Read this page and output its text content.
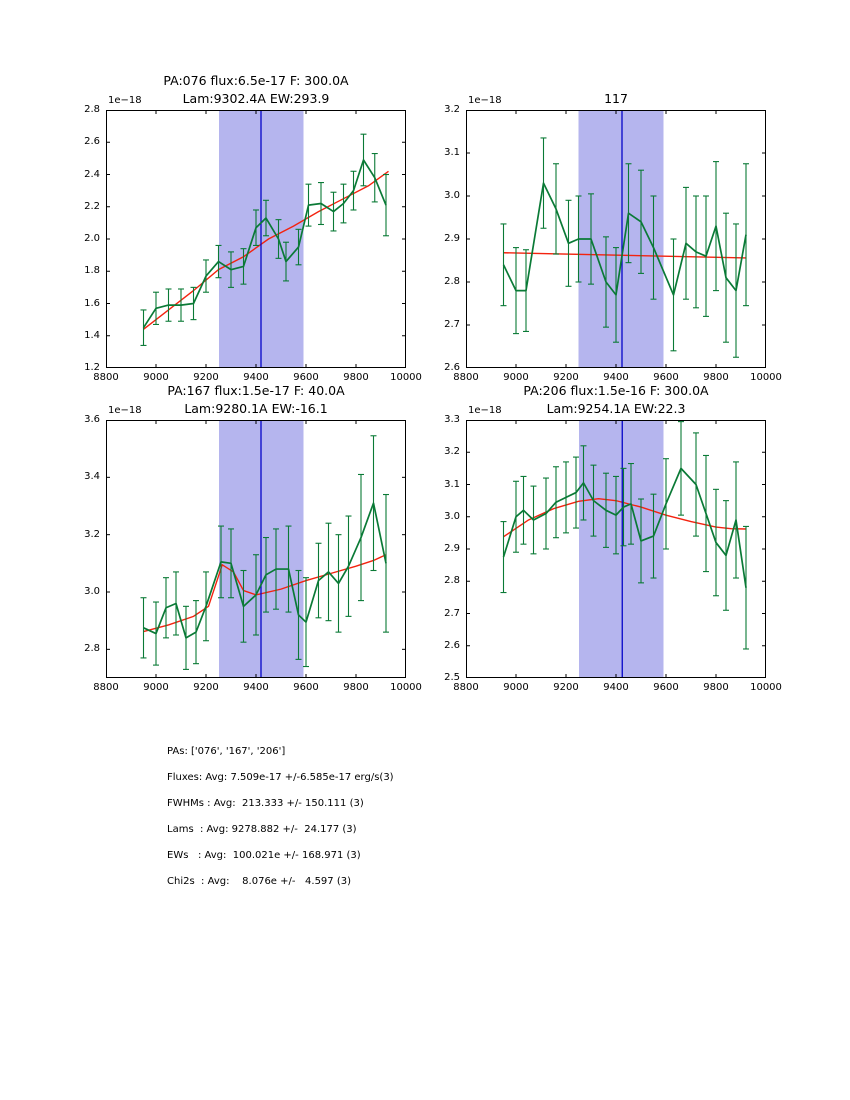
PA:076 flux:6.5e-17 F: 300.0A
Lam:9302.4A EW:293.9
1e−18
8800	9000	9200	9400	9600	9800	10000
1.2
1.4
1.6
1.8
2.0
2.2
2.4
2.6
2.8
117
1e−18
8800	9000	9200	9400	9600	9800	10000
2.6
2.7
2.8
2.9
3.0
3.1
3.2
PA:167 flux:1.5e-17 F: 40.0A
Lam:9280.1A EW:-16.1
1e−18
8800	9000	9200	9400	9600	9800	10000
2.8
3.0
3.2
3.4
3.6
PA:206 flux:1.5e-16 F: 300.0A
Lam:9254.1A EW:22.3
1e−18
8800	9000	9200	9400	9600	9800	10000
2.5
2.6
2.7
2.8
2.9
3.0
3.1
3.2
3.3
PAs: ['076', '167', '206']
Fluxes: Avg: 7.509e-17 +/-6.585e-17 erg/s(3)
FWHMs : Avg:  213.333 +/- 150.111 (3)
Lams  : Avg: 9278.882 +/-  24.177 (3)
EWs   : Avg:  100.021e +/- 168.971 (3)
Chi2s  : Avg:    8.076e +/-   4.597 (3)
